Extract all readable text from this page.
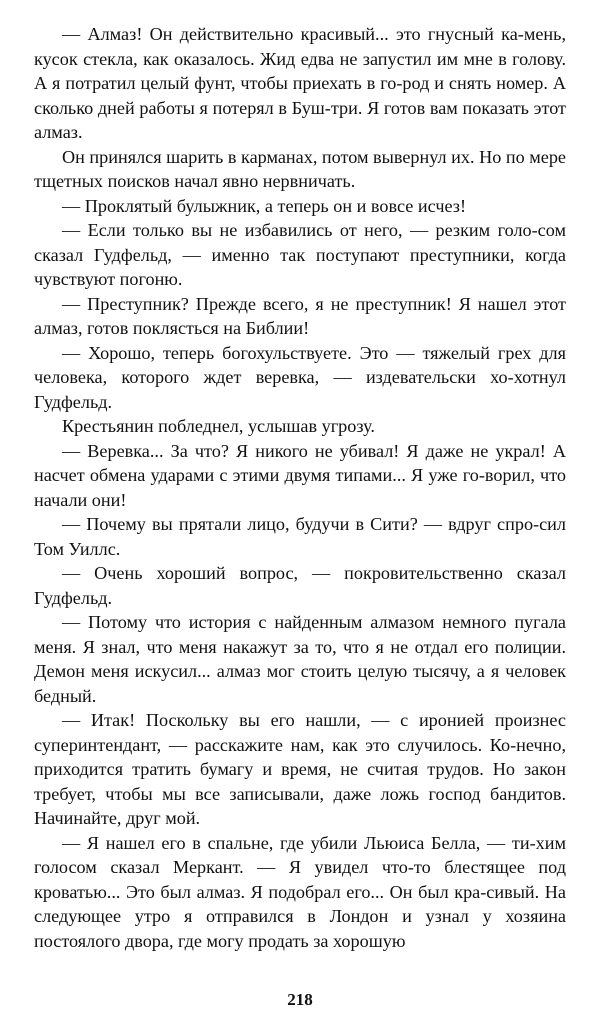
— Алмаз! Он действительно красивый... это гнусный ка-мень, кусок стекла, как оказалось. Жид едва не запустил им мне в голову. А я потратил целый фунт, чтобы приехать в го-род и снять номер. А сколько дней работы я потерял в Буш-три. Я готов вам показать этот алмаз.

Он принялся шарить в карманах, потом вывернул их. Но по мере тщетных поисков начал явно нервничать.

— Проклятый булыжник, а теперь он и вовсе исчез!

— Если только вы не избавились от него, — резким голо-сом сказал Гудфельд, — именно так поступают преступники, когда чувствуют погоню.

— Преступник? Прежде всего, я не преступник! Я нашел этот алмаз, готов поклясться на Библии!

— Хорошо, теперь богохульствуете. Это — тяжелый грех для человека, которого ждет веревка, — издевательски хо-хотнул Гудфельд.

Крестьянин побледнел, услышав угрозу.

— Веревка... За что? Я никого не убивал! Я даже не украл! А насчет обмена ударами с этими двумя типами... Я уже го-ворил, что начали они!

— Почему вы прятали лицо, будучи в Сити? — вдруг спро-сил Том Уиллс.

— Очень хороший вопрос, — покровительственно сказал Гудфельд.

— Потому что история с найденным алмазом немного пугала меня. Я знал, что меня накажут за то, что я не отдал его полиции. Демон меня искусил... алмаз мог стоить целую тысячу, а я человек бедный.

— Итак! Поскольку вы его нашли, — с иронией произнес суперинтендант, — расскажите нам, как это случилось. Ко-нечно, приходится тратить бумагу и время, не считая трудов. Но закон требует, чтобы мы все записывали, даже ложь господ бандитов. Начинайте, друг мой.

— Я нашел его в спальне, где убили Льюиса Белла, — ти-хим голосом сказал Меркант. — Я увидел что-то блестящее под кроватью... Это был алмаз. Я подобрал его... Он был кра-сивый. На следующее утро я отправился в Лондон и узнал у хозяина постоялого двора, где могу продать за хорошую

218
